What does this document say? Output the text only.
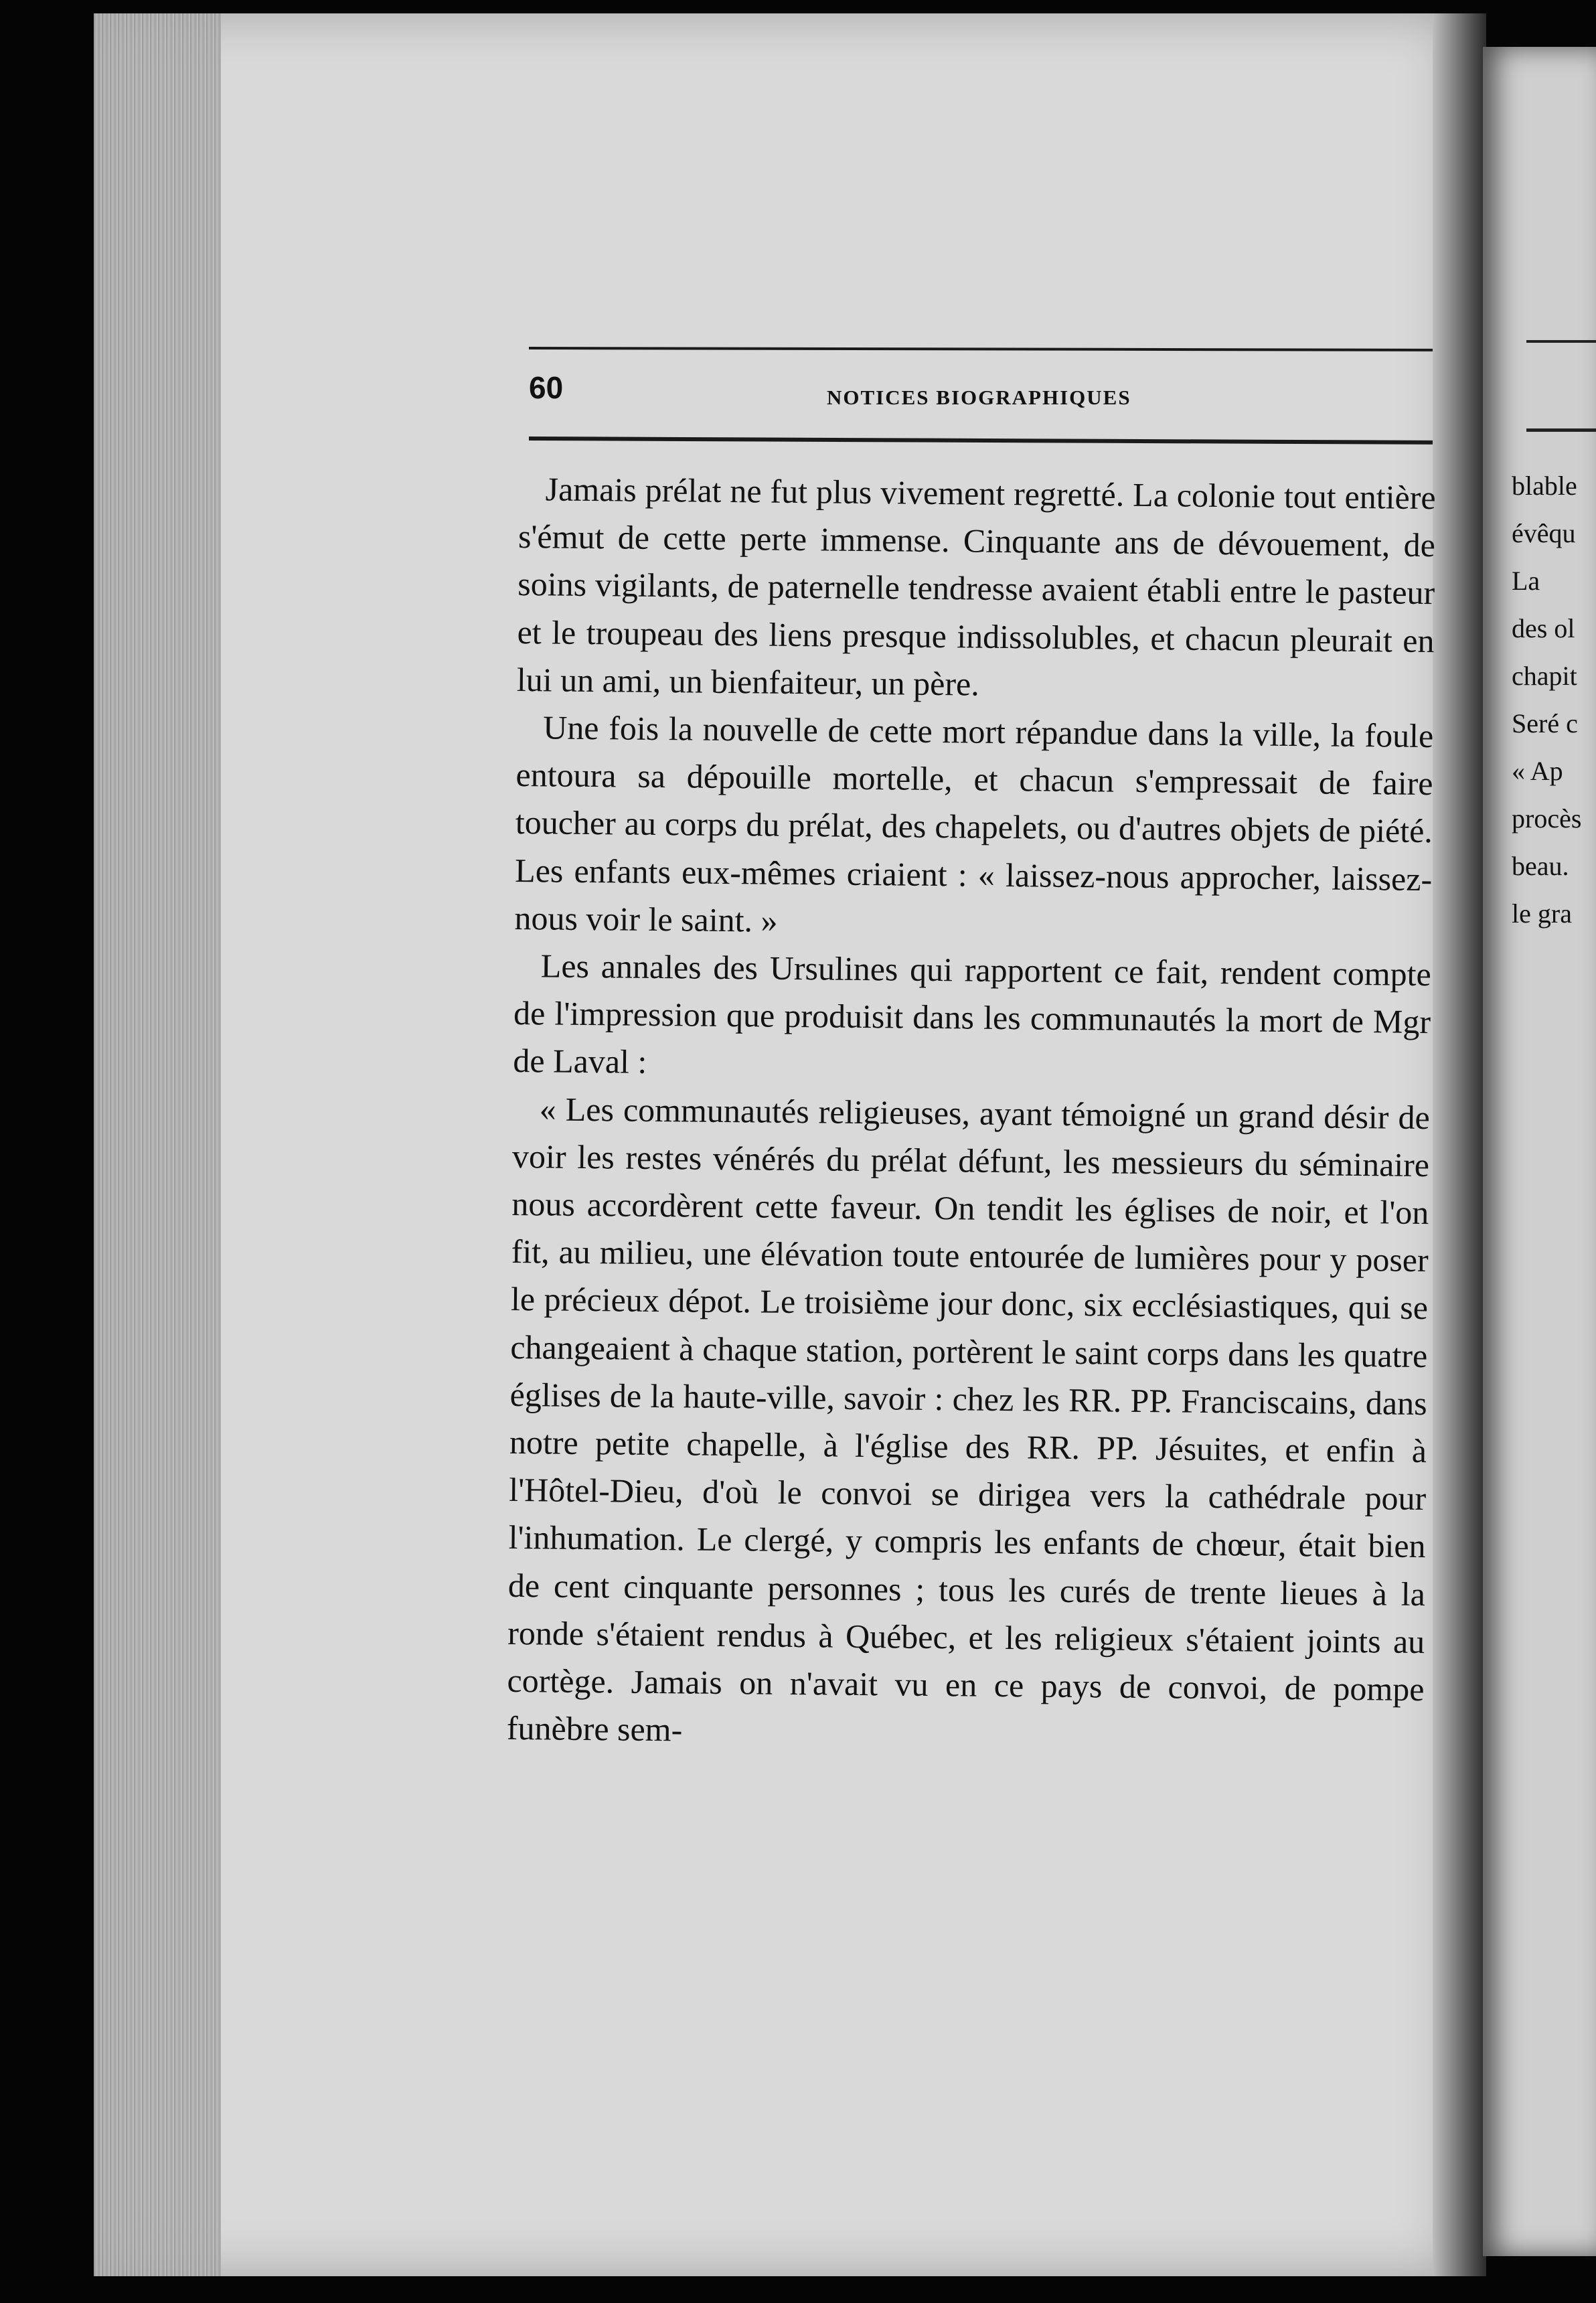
blable
évêqu
La
des ol
chapit
Seré c
« Ap
procès
beau.
le gra
60	NOTICES BIOGRAPHIQUES

Jamais prélat ne fut plus vivement regretté. La colonie tout entière s'émut de cette perte immense. Cinquante ans de dévouement, de soins vigilants, de paternelle tendresse avaient établi entre le pasteur et le troupeau des liens presque indissolubles, et chacun pleurait en lui un ami, un bienfaiteur, un père.

Une fois la nouvelle de cette mort répandue dans la ville, la foule entoura sa dépouille mortelle, et chacun s'empressait de faire toucher au corps du prélat, des chapelets, ou d'autres objets de piété. Les enfants eux-mêmes criaient : « laissez-nous approcher, laissez-nous voir le saint. »

Les annales des Ursulines qui rapportent ce fait, rendent compte de l'impression que produisit dans les communautés la mort de Mgr de Laval :

« Les communautés religieuses, ayant témoigné un grand désir de voir les restes vénérés du prélat défunt, les messieurs du séminaire nous accordèrent cette faveur. On tendit les églises de noir, et l'on fit, au milieu, une élévation toute entourée de lumières pour y poser le précieux dépot. Le troisième jour donc, six ecclésiastiques, qui se changeaient à chaque station, portèrent le saint corps dans les quatre églises de la haute-ville, savoir : chez les RR. PP. Franciscains, dans notre petite chapelle, à l'église des RR. PP. Jésuites, et enfin à l'Hôtel-Dieu, d'où le convoi se dirigea vers la cathédrale pour l'inhumation. Le clergé, y compris les enfants de chœur, était bien de cent cinquante personnes ; tous les curés de trente lieues à la ronde s'étaient rendus à Québec, et les religieux s'étaient joints au cortège. Jamais on n'avait vu en ce pays de convoi, de pompe funèbre sem-
